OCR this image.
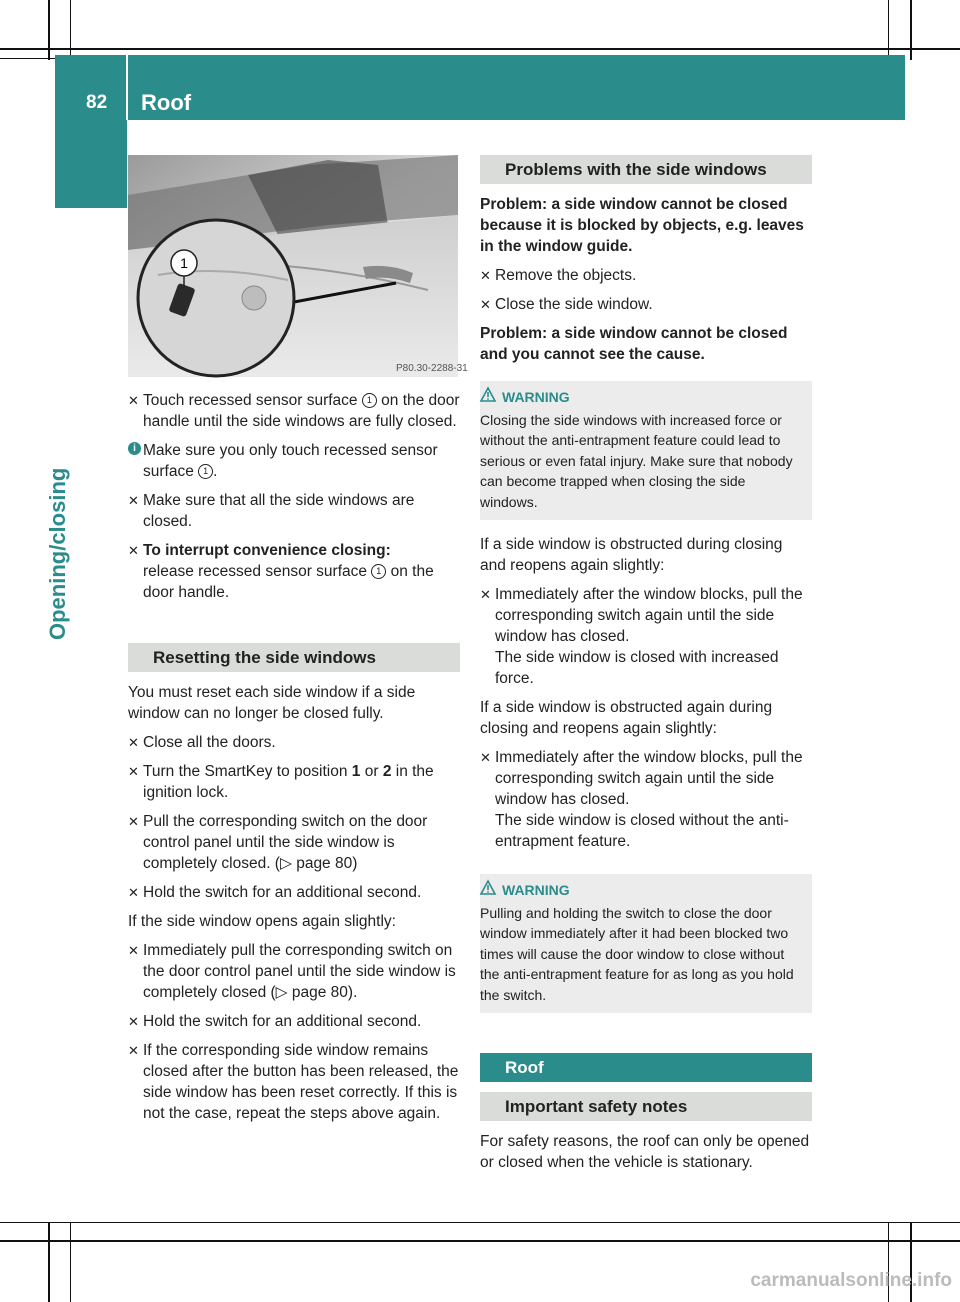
82 Roof
Opening/closing
1
P80.30-2288-31
✕ Touch recessed sensor surface 1 on the door handle until the side windows are fully closed.
i Make sure you only touch recessed sensor surface 1 .
✕ Make sure that all the side windows are closed.
✕ To interrupt convenience closing:
release recessed sensor surface 1 on the door handle.
Resetting the side windows
You must reset each side window if a side window can no longer be closed fully.
✕ Close all the doors.
✕ Turn the SmartKey to position 1 or 2 in the ignition lock.
✕ Pull the corresponding switch on the door control panel until the side window is completely closed. (▷ page 80)
✕ Hold the switch for an additional second.
If the side window opens again slightly:
✕ Immediately pull the corresponding switch on the door control panel until the side window is completely closed (▷ page 80).
✕ Hold the switch for an additional second.
✕ If the corresponding side window remains closed after the button has been released, the side window has been reset correctly. If this is not the case, repeat the steps above again.
Problems with the side windows
Problem: a side window cannot be closed because it is blocked by objects, e.g. leaves in the window guide.
✕ Remove the objects.
✕ Close the side window.
Problem: a side window cannot be closed and you cannot see the cause.
WARNING
Closing the side windows with increased force or without the anti-entrapment feature could lead to serious or even fatal injury. Make sure that nobody can become trapped when closing the side windows.
If a side window is obstructed during closing and reopens again slightly:
✕ Immediately after the window blocks, pull the corresponding switch again until the side window has closed.
The side window is closed with increased force.
If a side window is obstructed again during closing and reopens again slightly:
✕ Immediately after the window blocks, pull the corresponding switch again until the side window has closed.
The side window is closed without the anti-entrapment feature.
WARNING
Pulling and holding the switch to close the door window immediately after it had been blocked two times will cause the door window to close without the anti-entrapment feature for as long as you hold the switch.
Roof
Important safety notes
For safety reasons, the roof can only be opened or closed when the vehicle is stationary.
carmanualsonline.info
